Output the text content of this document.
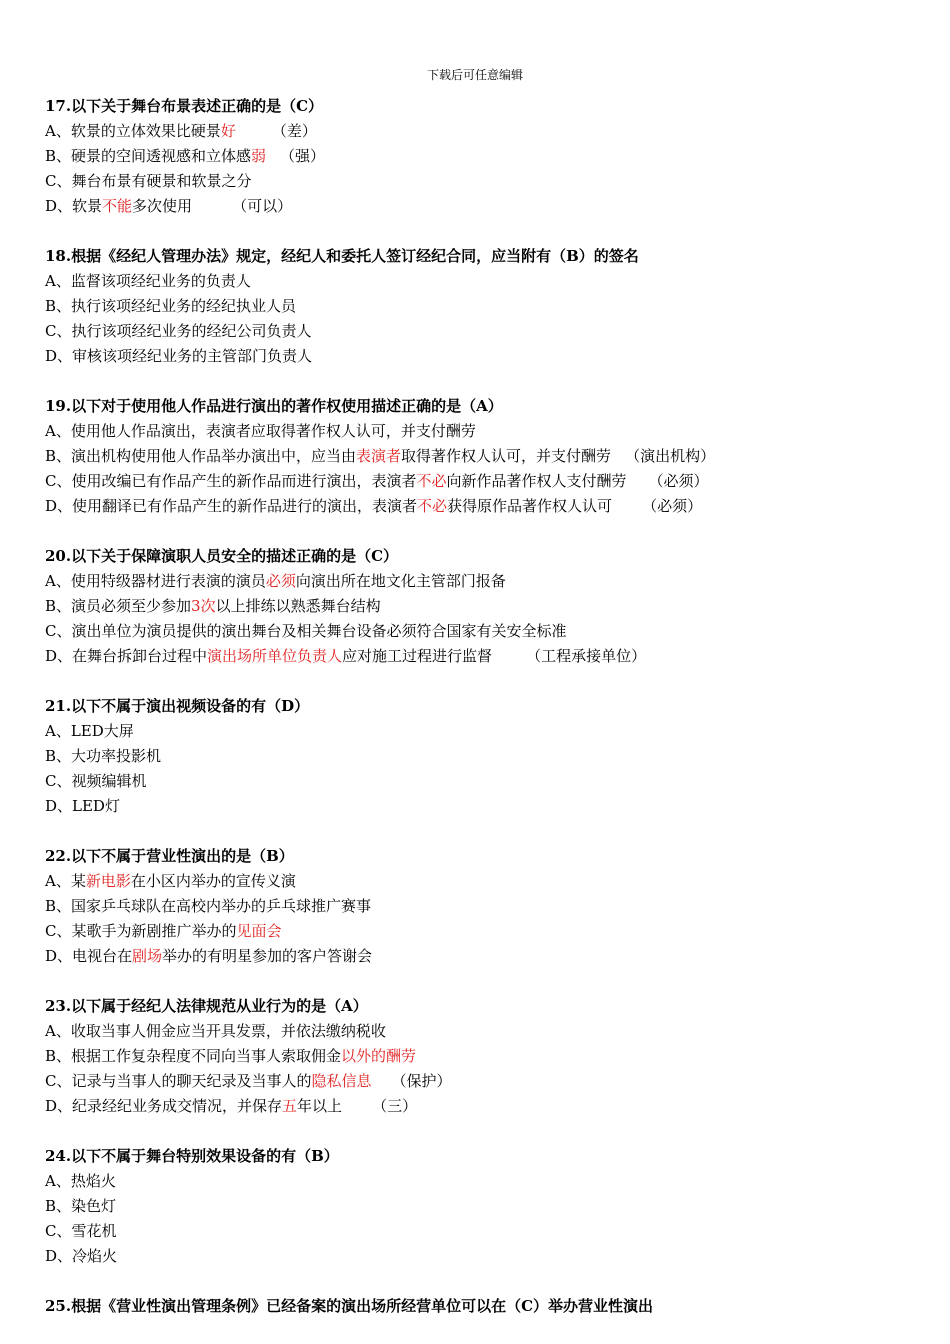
下载后可任意编辑
17.以下关于舞台布景表述正确的是（C）
A、软景的立体效果比硬景好 （差）
B、硬景的空间透视感和立体感弱 （强）
C、舞台布景有硬景和软景之分
D、软景不能多次使用	（可以）
18.根据《经纪人管理办法》规定，经纪人和委托人签订经纪合同，应当附有（B）的签名
A、监督该项经纪业务的负责人
B、执行该项经纪业务的经纪执业人员
C、执行该项经纪业务的经纪公司负责人
D、审核该项经纪业务的主管部门负责人
19.以下对于使用他人作品进行演出的著作权使用描述正确的是（A）
A、使用他人作品演出，表演者应取得著作权人认可，并支付酬劳
B、演出机构使用他人作品举办演出中，应当由表演者取得著作权人认可，并支付酬劳 （演出机构）
C、使用改编已有作品产生的新作品而进行演出，表演者不必向新作品著作权人支付酬劳 （必须）
D、使用翻译已有作品产生的新作品进行的演出，表演者不必获得原作品著作权人认可 （必须）
20.以下关于保障演职人员安全的描述正确的是（C）
A、使用特级器材进行表演的演员必须向演出所在地文化主管部门报备
B、演员必须至少参加3次以上排练以熟悉舞台结构
C、演出单位为演员提供的演出舞台及相关舞台设备必须符合国家有关安全标准
D、在舞台拆卸台过程中演出场所单位负责人应对施工过程进行监督 （工程承接单位）
21.以下不属于演出视频设备的有（D）
A、LED大屏
B、大功率投影机
C、视频编辑机
D、LED灯
22.以下不属于营业性演出的是（B）
A、某新电影在小区内举办的宣传义演
B、国家乒乓球队在高校内举办的乒乓球推广赛事
C、某歌手为新剧推广举办的见面会
D、电视台在剧场举办的有明星参加的客户答谢会
23.以下属于经纪人法律规范从业行为的是（A）
A、收取当事人佣金应当开具发票，并依法缴纳税收
B、根据工作复杂程度不同向当事人索取佣金以外的酬劳
C、记录与当事人的聊天纪录及当事人的隐私信息 （保护）
D、纪录经纪业务成交情况，并保存五年以上 （三）
24.以下不属于舞台特别效果设备的有（B）
A、热焰火
B、染色灯
C、雪花机
D、冷焰火
25.根据《营业性演出管理条例》已经备案的演出场所经营单位可以在（C）举办营业性演出
